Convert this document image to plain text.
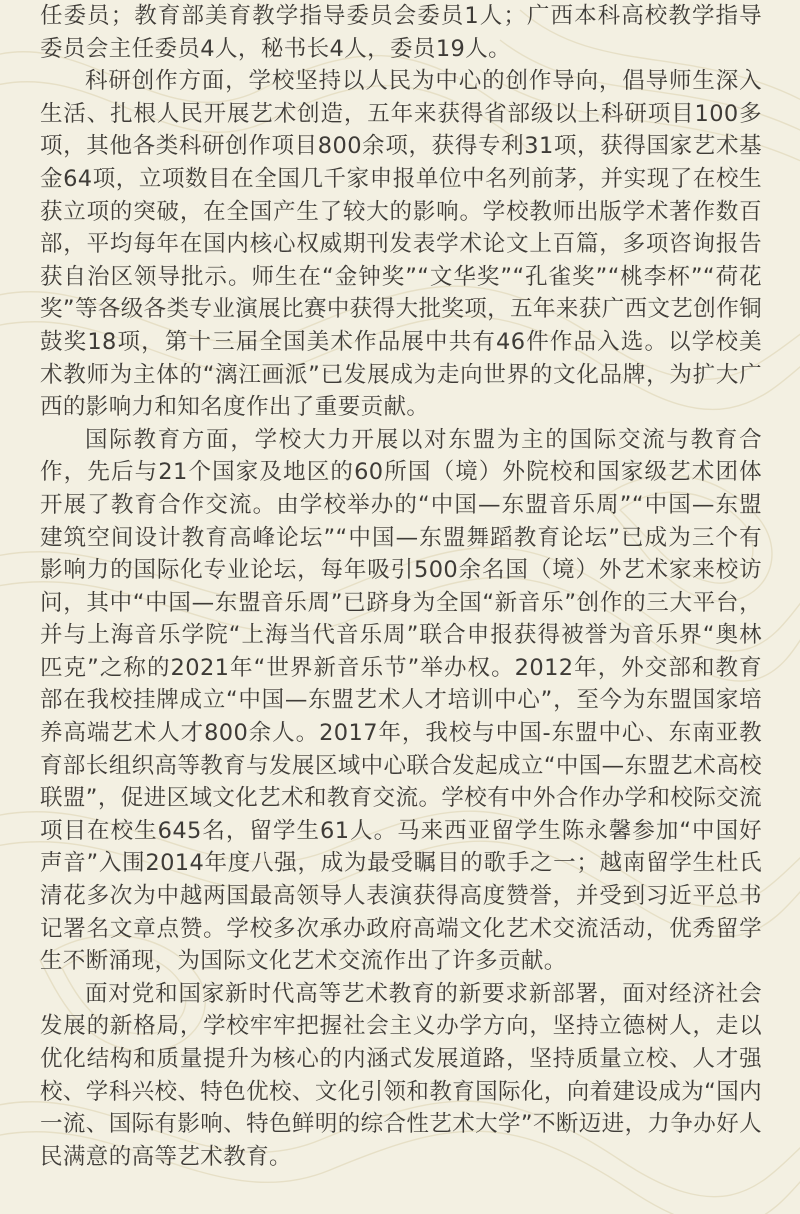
任委员；教育部美育教学指导委员会委员1人；广西本科高校教学指导委员会主任委员4人，秘书长4人，委员19人。

科研创作方面，学校坚持以人民为中心的创作导向，倡导师生深入生活、扎根人民开展艺术创造，五年来获得省部级以上科研项目100多项，其他各类科研创作项目800余项，获得专利31项，获得国家艺术基金64项，立项数目在全国几千家申报单位中名列前茅，并实现了在校生获立项的突破，在全国产生了较大的影响。学校教师出版学术著作数百部，平均每年在国内核心权威期刊发表学术论文上百篇，多项咨询报告获自治区领导批示。师生在“金钟奖”“文华奖”“孔雀奖”“桃李杯”“荷花奖”等各级各类专业演展比赛中获得大批奖项，五年来获广西文艺创作铜鼓奖18项，第十三届全国美术作品展中共有46件作品入选。以学校美术教师为主体的“漓江画派”已发展成为走向世界的文化品牌，为扩大广西的影响力和知名度作出了重要贡献。

国际教育方面，学校大力开展以对东盟为主的国际交流与教育合作，先后与21个国家及地区的60所国（境）外院校和国家级艺术团体开展了教育合作交流。由学校举办的“中国—东盟音乐周”“中国—东盟建筑空间设计教育高峰论坛”“中国—东盟舞蹈教育论坛”已成为三个有影响力的国际化专业论坛，每年吸引500余名国（境）外艺术家来校访问，其中“中国—东盟音乐周”已跻身为全国“新音乐”创作的三大平台，并与上海音乐学院“上海当代音乐周”联合申报获得被誉为音乐界“奥林匹克”之称的2021年“世界新音乐节”举办权。2012年，外交部和教育部在我校挂牌成立“中国—东盟艺术人才培训中心”，至今为东盟国家培养高端艺术人才800余人。2017年，我校与中国-东盟中心、东南亚教育部长组织高等教育与发展区域中心联合发起成立“中国—东盟艺术高校联盟”，促进区域文化艺术和教育交流。学校有中外合作办学和校际交流项目在校生645名，留学生61人。马来西亚留学生陈永馨参加“中国好声音”入围2014年度八强，成为最受瞩目的歌手之一；越南留学生杜氏清花多次为中越两国最高领导人表演获得高度赞誉，并受到习近平总书记署名文章点赞。学校多次承办政府高端文化艺术交流活动，优秀留学生不断涌现，为国际文化艺术交流作出了许多贡献。

面对党和国家新时代高等艺术教育的新要求新部署，面对经济社会发展的新格局，学校牢牢把握社会主义办学方向，坚持立德树人，走以优化结构和质量提升为核心的内涵式发展道路，坚持质量立校、人才强校、学科兴校、特色优校、文化引领和教育国际化，向着建设成为“国内一流、国际有影响、特色鲜明的综合性艺术大学”不断迈进，力争办好人民满意的高等艺术教育。
